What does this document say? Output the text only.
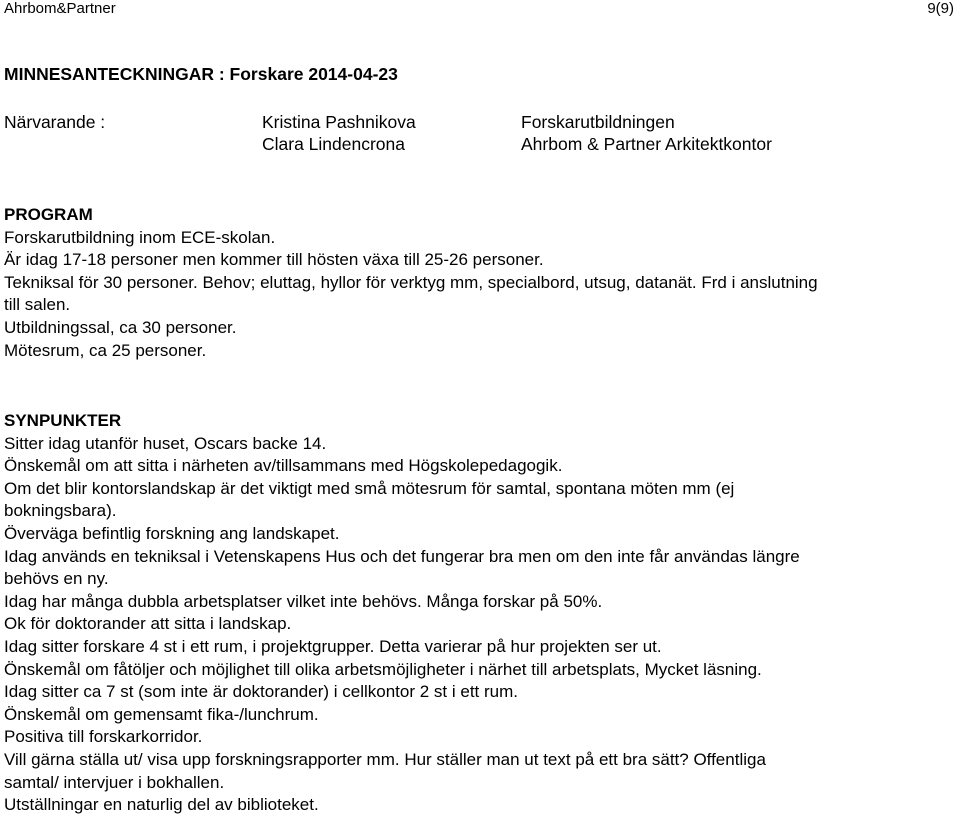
Ahrbom&Partner	9(9)
MINNESANTECKNINGAR : Forskare 2014-04-23
Närvarande :	Kristina Pashnikova
Clara Lindencrona
Forskarutbildningen
Ahrbom & Partner Arkitektkontor
PROGRAM

Forskarutbildning inom ECE-skolan.

Är idag 17-18 personer men kommer till hösten växa till 25-26 personer.

Tekniksal för 30 personer. Behov; eluttag, hyllor för verktyg mm, specialbord, utsug, datanät. Frd i anslutning

till salen.

Utbildningssal, ca 30 personer.

Mötesrum, ca 25 personer.

SYNPUNKTER

Sitter idag utanför huset, Oscars backe 14.

Önskemål om att sitta i närheten av/tillsammans med Högskolepedagogik.

Om det blir kontorslandskap är det viktigt med små mötesrum för samtal, spontana möten mm (ej

bokningsbara).

Överväga befintlig forskning ang landskapet.

Idag används en tekniksal i Vetenskapens Hus och det fungerar bra men om den inte får användas längre

behövs en ny.

Idag har många dubbla arbetsplatser vilket inte behövs. Många forskar på 50%.

Ok för doktorander att sitta i landskap.

Idag sitter forskare 4 st i ett rum, i projektgrupper. Detta varierar på hur projekten ser ut.

Önskemål om fåtöljer och möjlighet till olika arbetsmöjligheter i närhet till arbetsplats, Mycket läsning.

Idag sitter ca 7 st (som inte är doktorander) i cellkontor 2 st i ett rum.

Önskemål om gemensamt fika-/lunchrum.

Positiva till forskarkorridor.

Vill gärna ställa ut/ visa upp forskningsrapporter mm. Hur ställer man ut text på ett bra sätt? Offentliga

samtal/ intervjuer i bokhallen.

Utställningar en naturlig del av biblioteket.
